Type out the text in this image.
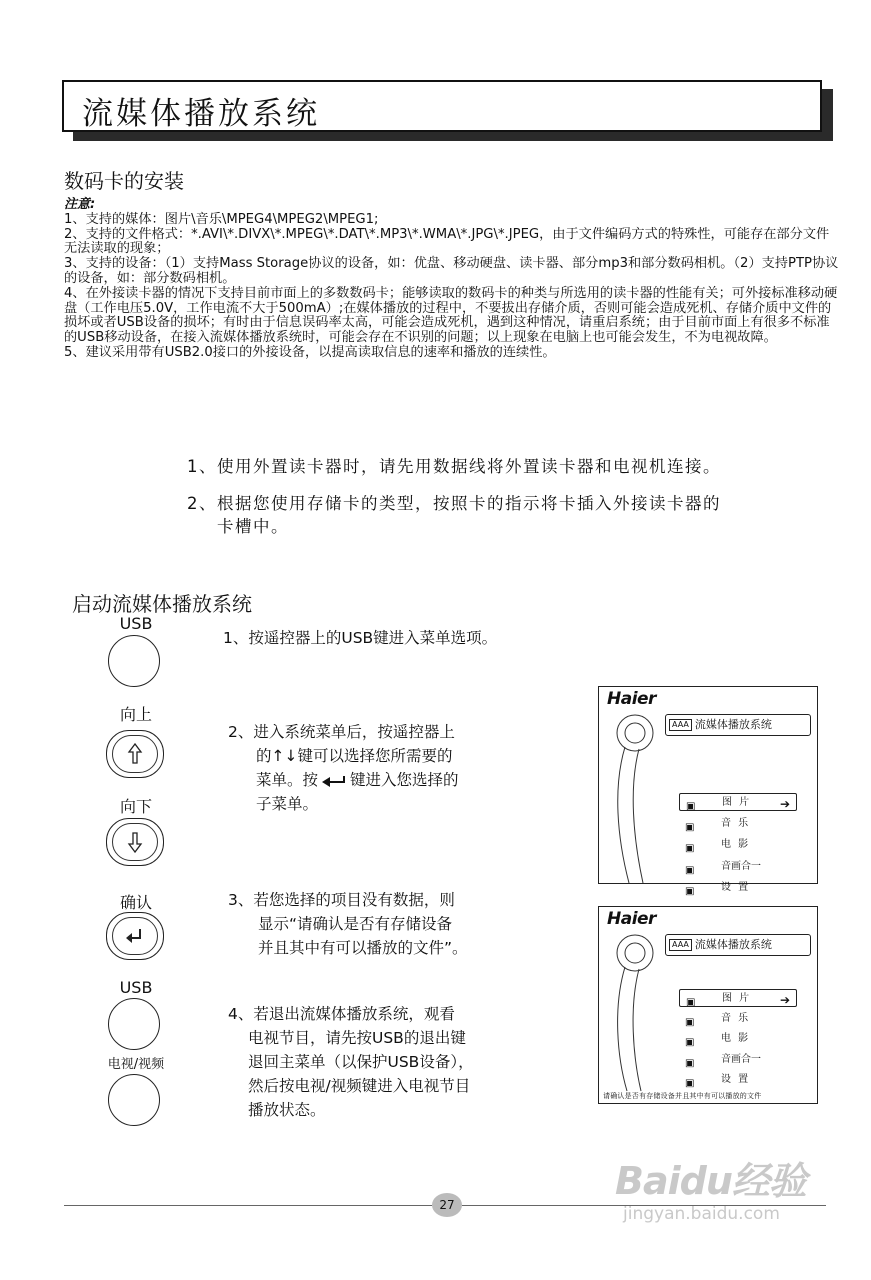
流媒体播放系统
数码卡的安装
注意:

1、支持的媒体：图片\音乐\MPEG4\MPEG2\MPEG1;

2、支持的文件格式：*.AVI\*.DIVX\*.MPEG\*.DAT\*.MP3\*.WMA\*.JPG\*.JPEG，由于文件编码方式的特殊性，可能存在部分文件无法读取的现象；

3、支持的设备：（1）支持Mass Storage协议的设备，如：优盘、移动硬盘、读卡器、部分mp3和部分数码相机。（2）支持PTP协议的设备，如：部分数码相机。

4、在外接读卡器的情况下支持目前市面上的多数数码卡；能够读取的数码卡的种类与所选用的读卡器的性能有关；可外接标准移动硬盘（工作电压5.0V，工作电流不大于500mA）;在媒体播放的过程中，不要拔出存储介质，否则可能会造成死机、存储介质中文件的损坏或者USB设备的损坏；有时由于信息误码率太高，可能会造成死机，遇到这种情况，请重启系统；由于目前市面上有很多不标准的USB移动设备，在接入流媒体播放系统时，可能会存在不识别的问题；以上现象在电脑上也可能会发生，不为电视故障。

5、建议采用带有USB2.0接口的外接设备，以提高读取信息的速率和播放的连续性。

1、使用外置读卡器时，请先用数据线将外置读卡器和电视机连接。
2、根据您使用存储卡的类型，按照卡的指示将卡插入外接读卡器的
卡槽中。
启动流媒体播放系统
USB
向上
向下
确认
USB
电视/视频
1、按遥控器上的USB键进入菜单选项。
2、进入系统菜单后，按遥控器上
的↑↓键可以选择您所需要的
菜单。按 键进入您选择的
子菜单。
3、若您选择的项目没有数据，则
显示“请确认是否有存储设备
并且其中有可以播放的文件”。
4、若退出流媒体播放系统，观看
电视节目，请先按USB的退出键
退回主菜单（以保护USB设备），
然后按电视/视频键进入电视节目
播放状态。
Haier
AAA 流媒体播放系统
▣	图 片 ➔
▣	音 乐
▣	电 影
▣	音画合一
▣	设 置
Haier
AAA 流媒体播放系统
▣	图 片 ➔
▣	音 乐
▣	电 影
▣	音画合一
▣	设 置
请确认是否有存储设备并且其中有可以播放的文件
27
Baidu经验
jingyan.baidu.com
